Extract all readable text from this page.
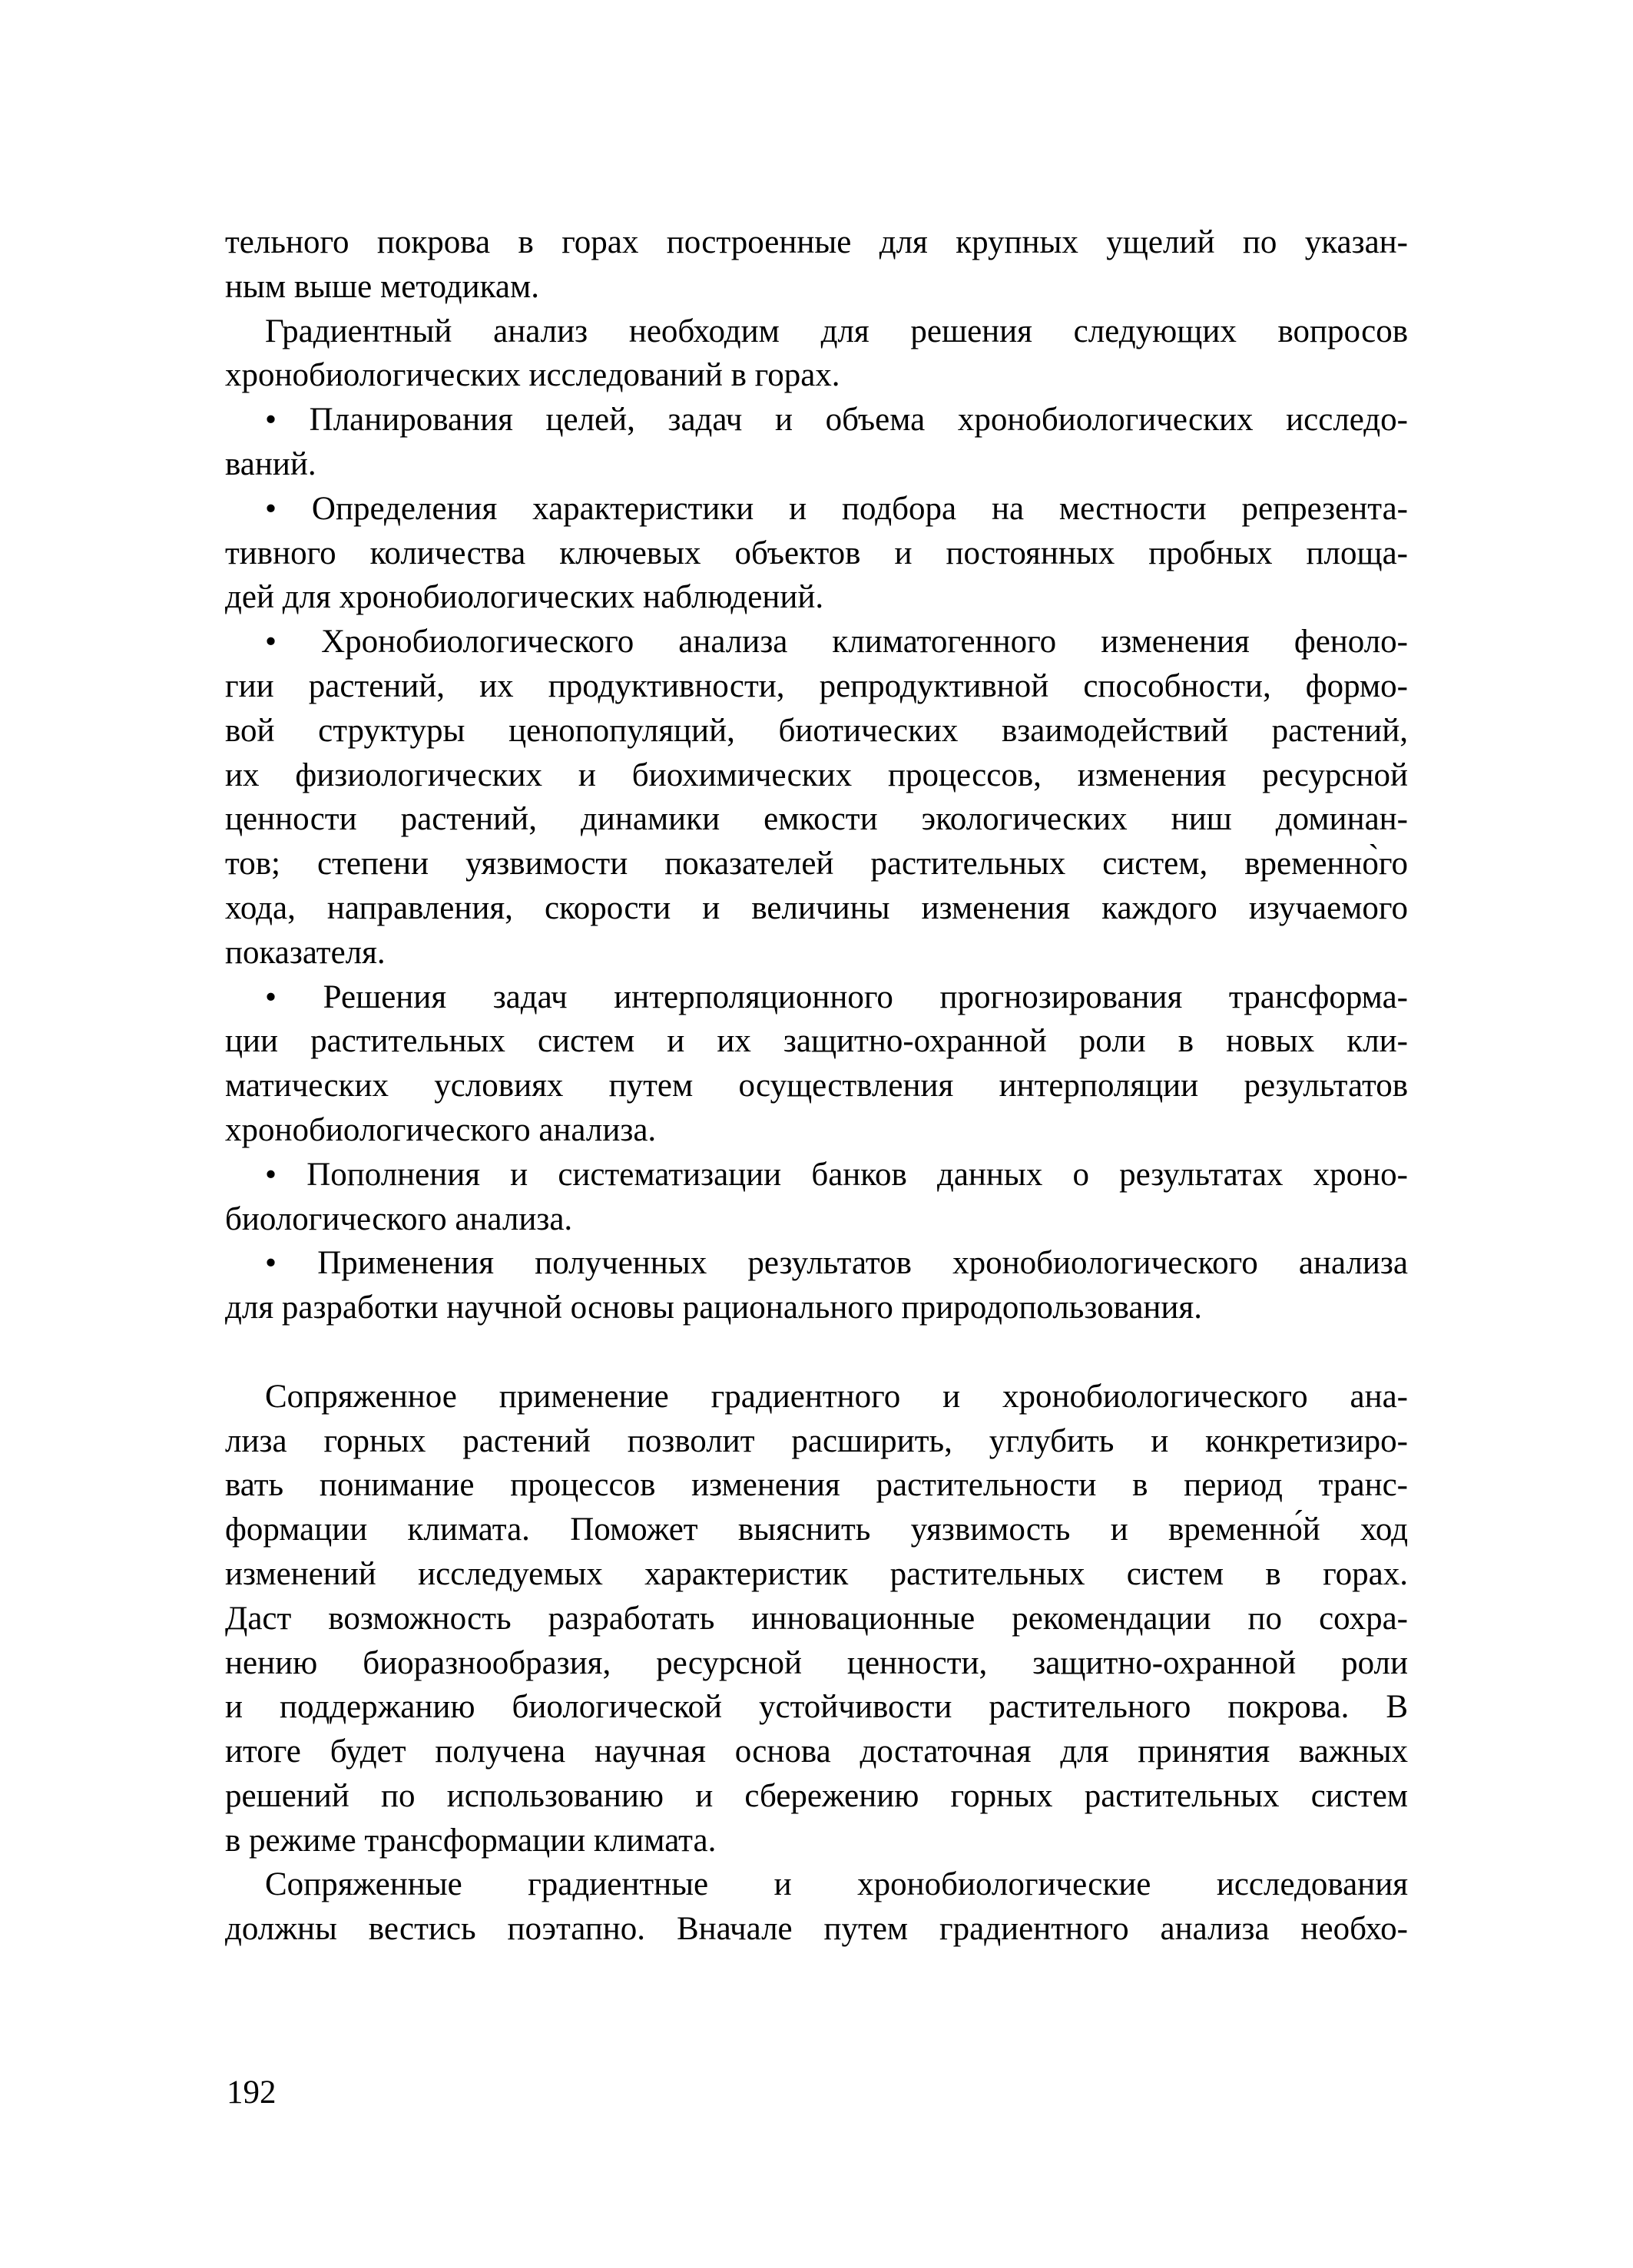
тельного покрова в горах построенные для крупных ущелий по указан-
ным выше методикам.
Градиентный анализ необходим для решения следующих вопросов
хронобиологических исследований в горах.
• Планирования целей, задач и объема хронобиологических исследо-
ваний.
• Определения характеристики и подбора на местности репрезента-
тивного количества ключевых объектов и постоянных пробных площа-
дей для хронобиологических наблюдений.
• Хронобиологического анализа климатогенного изменения феноло-
гии растений, их продуктивности, репродуктивной способности, формо-
вой структуры ценопопуляций, биотических взаимодействий растений,
их физиологических и биохимических процессов, изменения ресурсной
ценности растений, динамики емкости экологических ниш доминан-
тов; степени уязвимости показателей растительных систем, временно̀го
хода, направления, скорости и величины изменения каждого изучаемого
показателя.
• Решения задач интерполяционного прогнозирования трансформа-
ции растительных систем и их защитно-охранной роли в новых кли-
матических условиях путем осуществления интерполяции результатов
хронобиологического анализа.
• Пополнения и систематизации банков данных о результатах хроно-
биологического анализа.
• Применения полученных результатов хронобиологического анализа
для разработки научной основы рационального природопользования.
Сопряженное применение градиентного и хронобиологического ана-
лиза горных растений позволит расширить, углубить и конкретизиро-
вать понимание процессов изменения растительности в период транс-
формации климата. Поможет выяснить уязвимость и временно́й ход
изменений исследуемых характеристик растительных систем в горах.
Даст возможность разработать инновационные рекомендации по сохра-
нению биоразнообразия, ресурсной ценности, защитно-охранной роли
и поддержанию биологической устойчивости растительного покрова. В
итоге будет получена научная основа достаточная для принятия важных
решений по использованию и сбережению горных растительных систем
в режиме трансформации климата.
Сопряженные градиентные и хронобиологические исследования
должны вестись поэтапно. Вначале путем градиентного анализа необхо-
192
